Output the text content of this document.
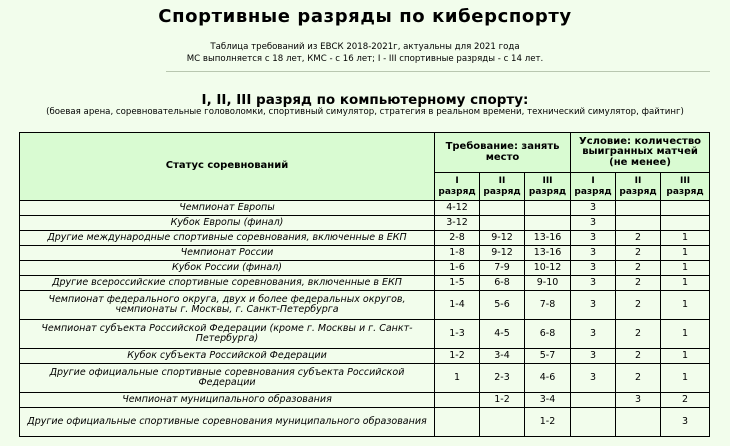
Спортивные разряды по киберспорту
Таблица требований из ЕВСК 2018-2021г, актуальны для 2021 года
МС выполняется с 18 лет, КМС - с 16 лет; I - III спортивные разряды - с 14 лет.
I, II, III разряд по компьютерному спорту:
(боевая арена, соревновательные головоломки, спортивный симулятор, стратегия в реальном времени, технический симулятор, файтинг)
Статус соревнований	Требование: занять место			Условие: количество выигранных матчей (не менее)		
	I разряд	II разряд	III разряд	I разряд	II разряд	III разряд
Чемпионат Европы	4-12			3		
Кубок Европы (финал)	3-12			3		
Другие международные спортивные соревнования, включенные в ЕКП	2-8	9-12	13-16	3	2	1
Чемпионат России	1-8	9-12	13-16	3	2	1
Кубок России (финал)	1-6	7-9	10-12	3	2	1
Другие всероссийские спортивные соревнования, включенные в ЕКП	1-5	6-8	9-10	3	2	1
Чемпионат федерального округа, двух и более федеральных округов, чемпионаты г. Москвы, г. Санкт-Петербурга	1-4	5-6	7-8	3	2	1
Чемпионат субъекта Российской Федерации (кроме г. Москвы и г. Санкт-Петербурга)	1-3	4-5	6-8	3	2	1
Кубок субъекта Российской Федерации	1-2	3-4	5-7	3	2	1
Другие официальные спортивные соревнования субъекта Российской Федерации	1	2-3	4-6	3	2	1
Чемпионат муниципального образования		1-2	3-4		3	2
Другие официальные спортивные соревнования муниципального образования			1-2			3
